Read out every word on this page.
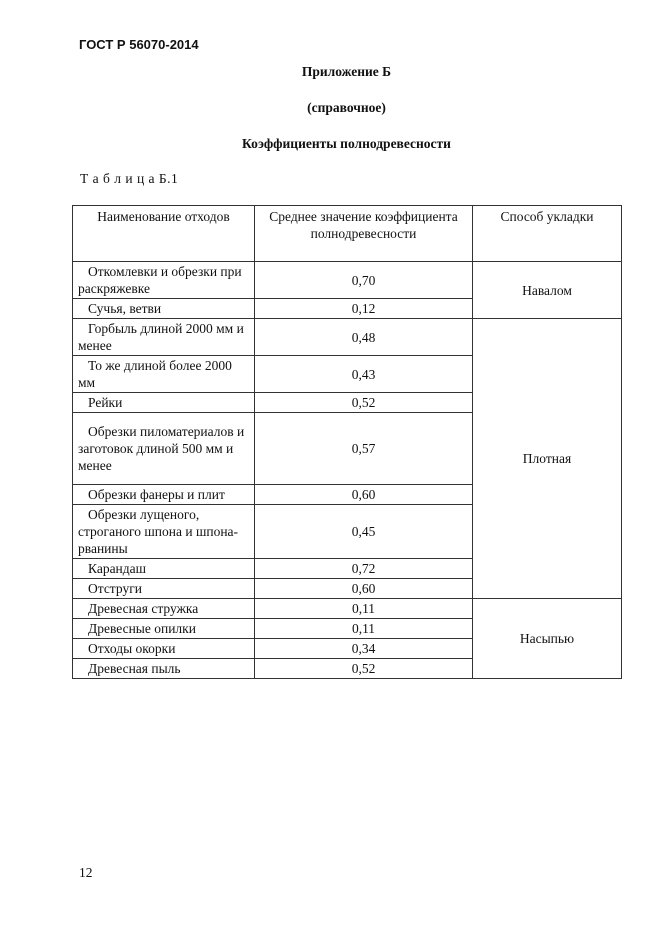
ГОСТ Р 56070-2014
Приложение Б
(справочное)
Коэффициенты полнодревесности
Т а б л и ц а Б.1
Наименование отходов	Среднее значение коэффициента полнодревесности	Способ укладки

Откомлевки и обрезки при раскряжевке	0,70	Навалом

Сучья, ветви	0,12	

Горбыль длиной 2000 мм и менее	0,48	Плотная

То же длиной более 2000 мм	0,43	

Рейки	0,52	

Обрезки пиломатериалов и заготовок длиной 500 мм и менее	0,57	

Обрезки фанеры и плит	0,60	

Обрезки лущеного, строганого шпона и шпона-рванины	0,45	

Карандаш	0,72	

Отструги	0,60	

Древесная стружка	0,11	Насыпью

Древесные опилки	0,11	

Отходы окорки	0,34	

Древесная пыль	0,52	
12
